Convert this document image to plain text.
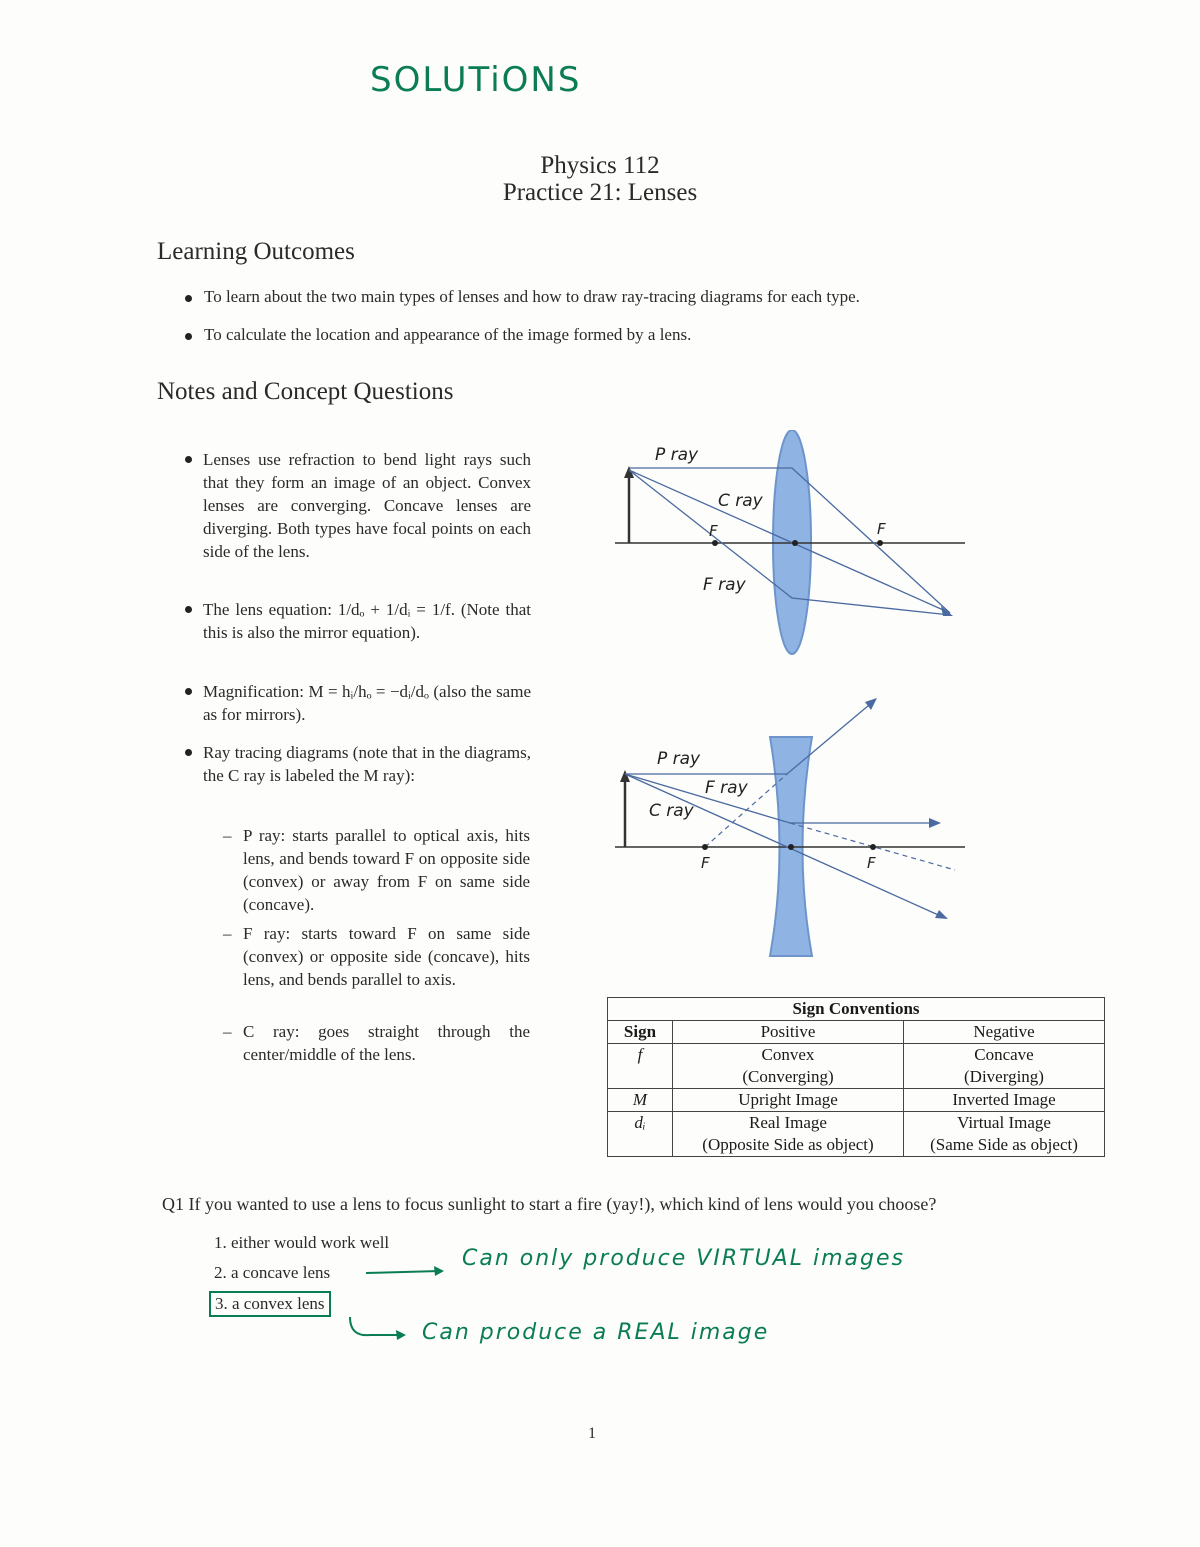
SOLUTiONS
Physics 112
Practice 21: Lenses
Learning Outcomes
To learn about the two main types of lenses and how to draw ray-tracing diagrams for each type.
To calculate the location and appearance of the image formed by a lens.
Notes and Concept Questions
Lenses use refraction to bend light rays such that they form an image of an object. Convex lenses are converging. Concave lenses are diverging. Both types have focal points on each side of the lens.
The lens equation: 1/dₒ + 1/dᵢ = 1/f. (Note that this is also the mirror equation).
Magnification: M = hᵢ/hₒ = −dᵢ/dₒ (also the same as for mirrors).
Ray tracing diagrams (note that in the diagrams, the C ray is labeled the M ray):
– P ray: starts parallel to optical axis, hits lens, and bends toward F on opposite side (convex) or away from F on same side (concave).
– F ray: starts toward F on same side (convex) or opposite side (concave), hits lens, and bends parallel to axis.
– C ray: goes straight through the center/middle of the lens.
P ray
C ray
F ray
F	F
P ray
C ray
F ray
F	F
Sign Conventions		
Sign	Positive	Negative
f	Convex	Concave
	(Converging)	(Diverging)
M	Upright Image	Inverted Image
dᵢ	Real Image	Virtual Image
	(Opposite Side as object)	(Same Side as object)
Q1 If you wanted to use a lens to focus sunlight to start a fire (yay!), which kind of lens would you choose?
1. either would work well
2. a concave lens
3. a convex lens
Can only produce VIRTUAL images
Can produce a REAL image
1
